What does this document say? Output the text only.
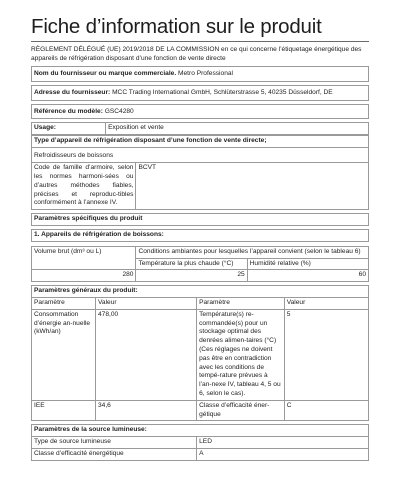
Fiche d’information sur le produit
RÈGLEMENT DÉLÉGUÉ (UE) 2019/2018 DE LA COMMISSION en ce qui concerne l’étiquetage énergétique des appareils de réfrigération disposant d’une fonction de vente directe
Nom du fournisseur ou marque commerciale. Metro Professional

Adresse du fournisseur: MCC Trading International GmbH, Schlüterstrasse 5, 40235 Düsseldorf, DE

Référence du modèle: GSC4280

Usage:	Exposition et vente
Type d’appareil de réfrigération disposant d’une fonction de vente directe;

Refroidisseurs de boissons
Code de famille d’armoire, selon les normes harmoni-sées ou d’autres méthodes fiables, précises et reproduc-tibles conformément à l’annexe IV.	BCVT

Paramètres spécifiques du produit

1. Appareils de réfrigération de boissons:
Volume brut (dm³ ou L)	Conditions ambiantes pour lesquelles l’appareil convient (selon le tableau 6)	
	Température la plus chaude (°C)	Humidité relative (%)
280	25	60
Paramètres généraux du produit:			
Paramètre	Valeur	Paramètre	Valeur
Consommation d’énergie an-nuelle (kWh/an)	478,00	Température(s) re-commandée(s) pour un stockage optimal des denrées alimen-taires (°C) (Ces réglages ne doivent pas être en contradiction avec les conditions de tempé-rature prévues à l’an-nexe IV, tableau 4, 5 ou 6, selon le cas).	5
IEE	34,6	Classe d’efficacité éner-gétique	C
Paramètres de la source lumineuse:	
Type de source lumineuse	LED
Classe d’efficacité énergétique	A
